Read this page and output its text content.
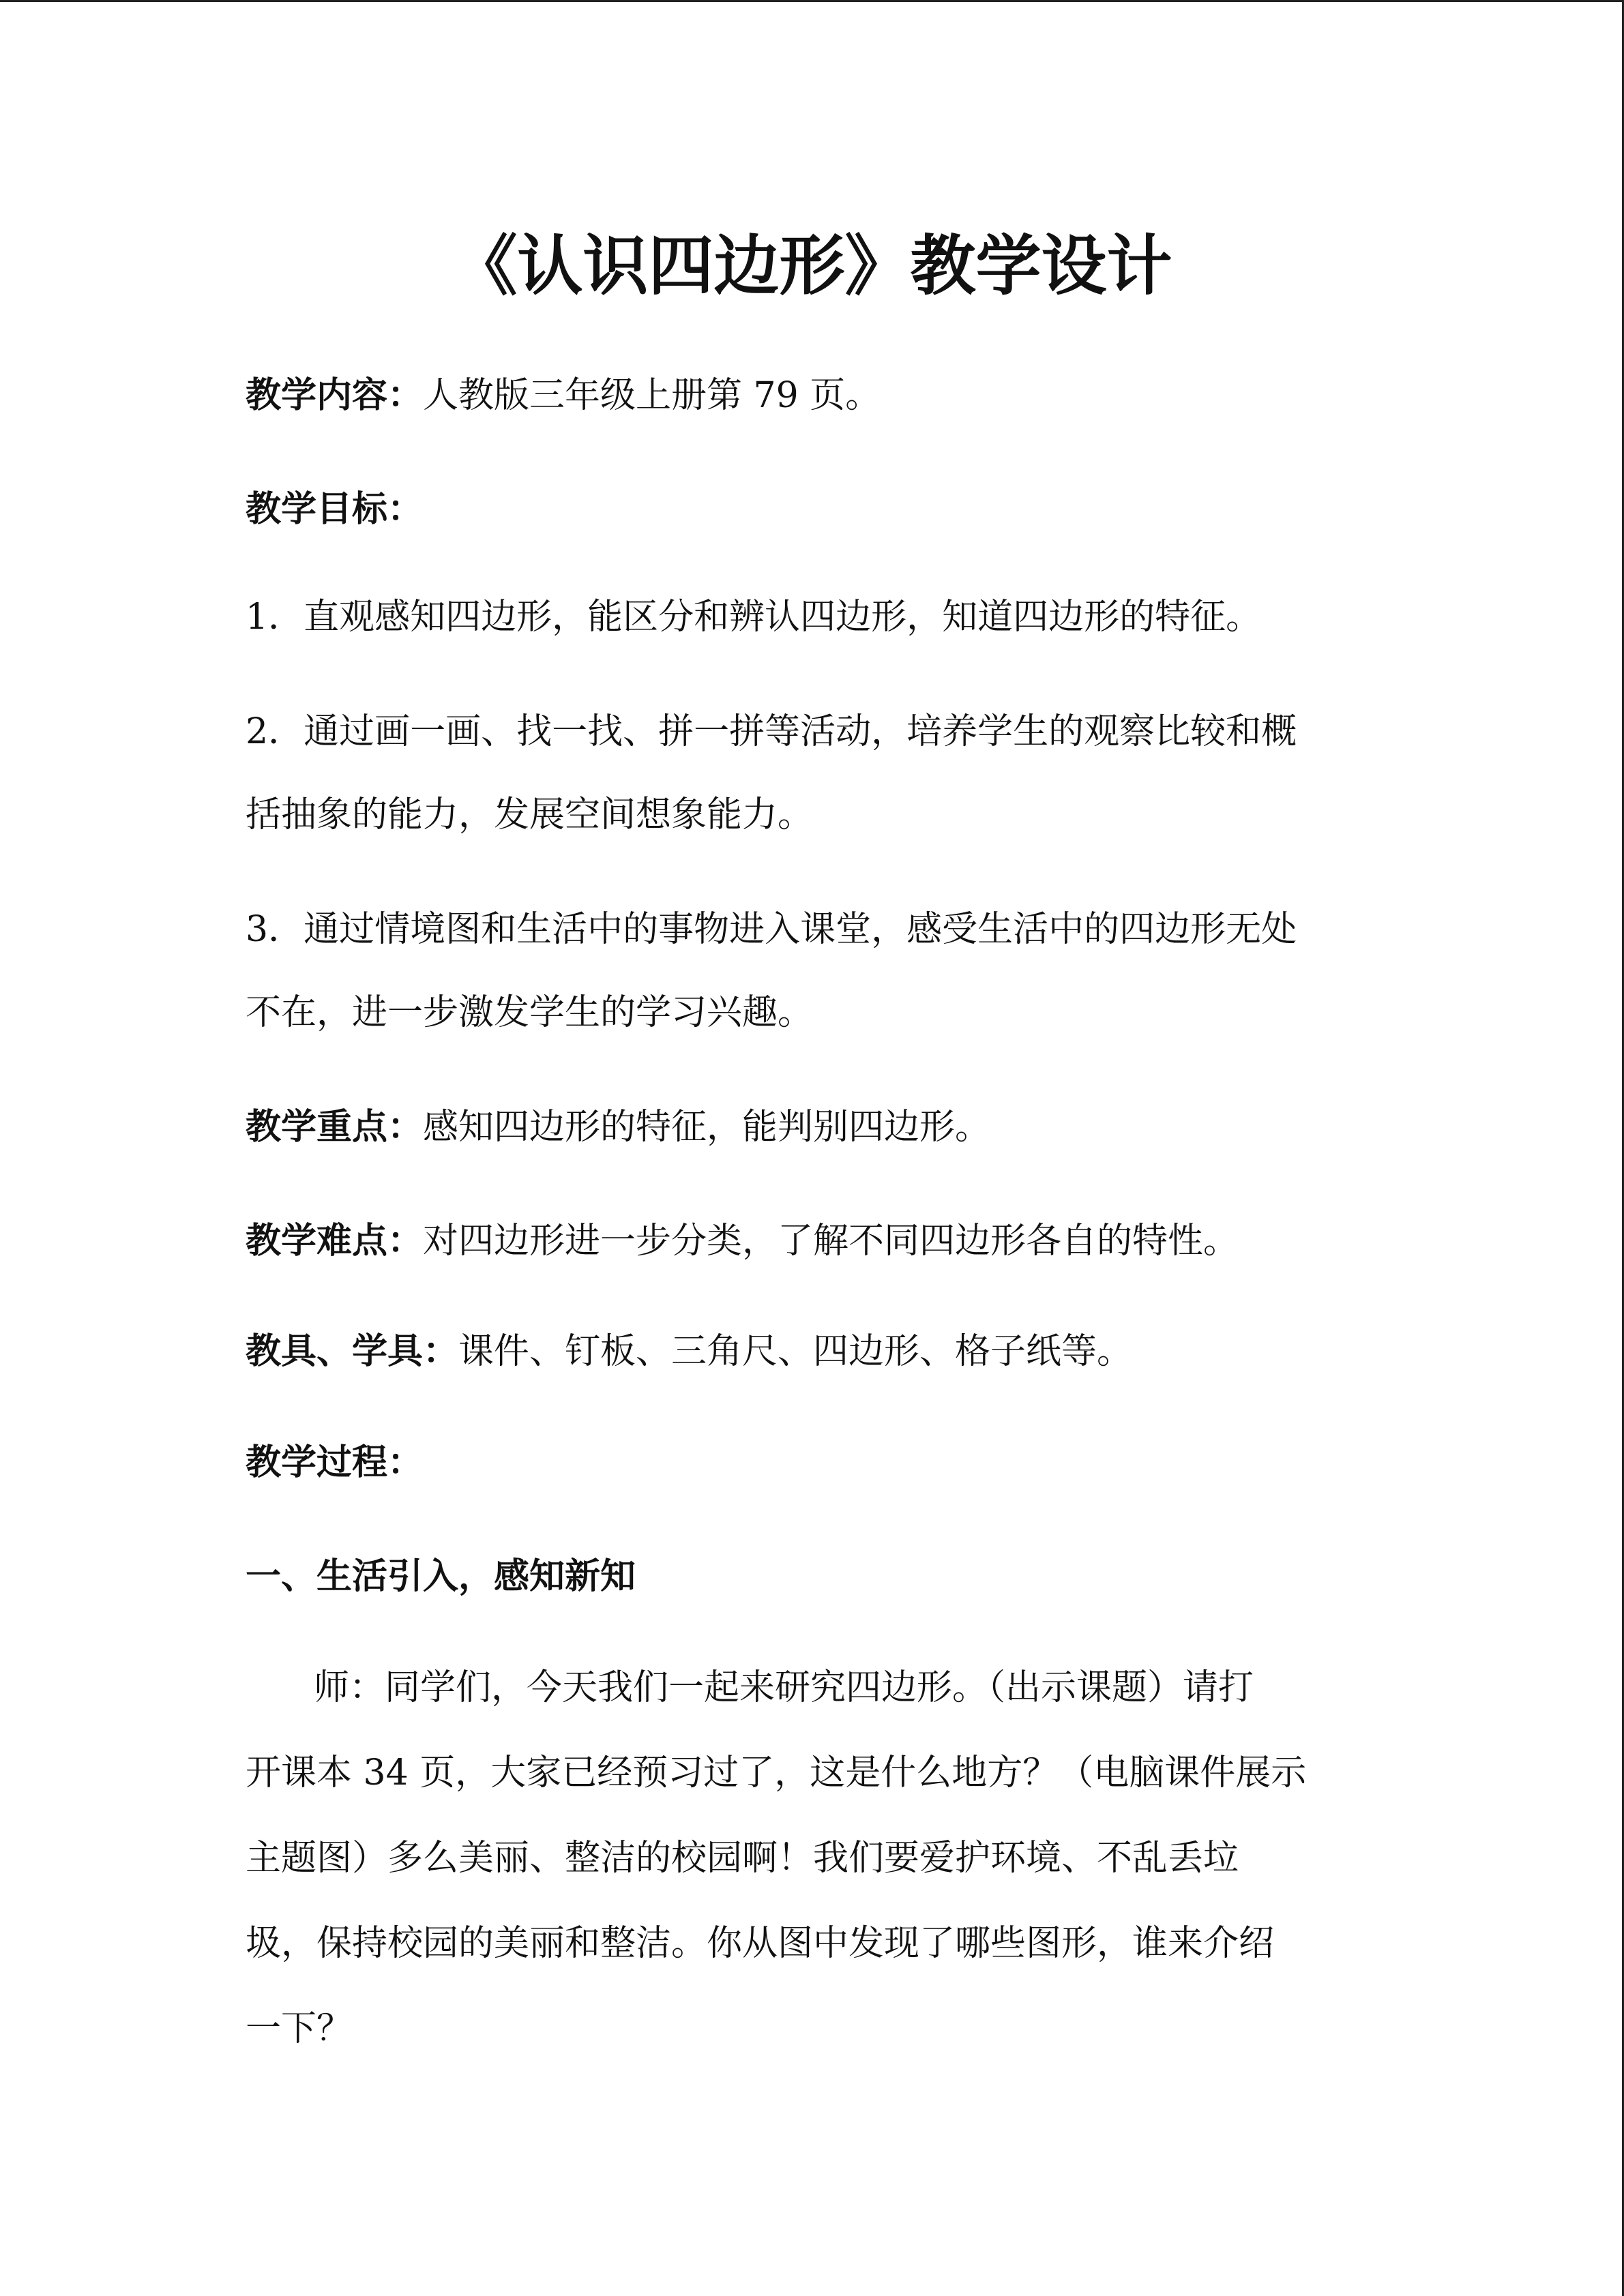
《认识四边形》教学设计

教学内容：人教版三年级上册第 79 页。

教学目标：

1．直观感知四边形，能区分和辨认四边形，知道四边形的特征。

2．通过画一画、找一找、拼一拼等活动，培养学生的观察比较和概

括抽象的能力，发展空间想象能力。

3．通过情境图和生活中的事物进入课堂，感受生活中的四边形无处

不在，进一步激发学生的学习兴趣。

教学重点：感知四边形的特征，能判别四边形。

教学难点：对四边形进一步分类，了解不同四边形各自的特性。

教具、学具：课件、钉板、三角尺、四边形、格子纸等。

教学过程：

一、生活引入，感知新知

师：同学们，今天我们一起来研究四边形。（出示课题）请打

开课本 34 页，大家已经预习过了，这是什么地方？（电脑课件展示

主题图）多么美丽、整洁的校园啊！我们要爱护环境、不乱丢垃

圾，保持校园的美丽和整洁。你从图中发现了哪些图形，谁来介绍

一下？
